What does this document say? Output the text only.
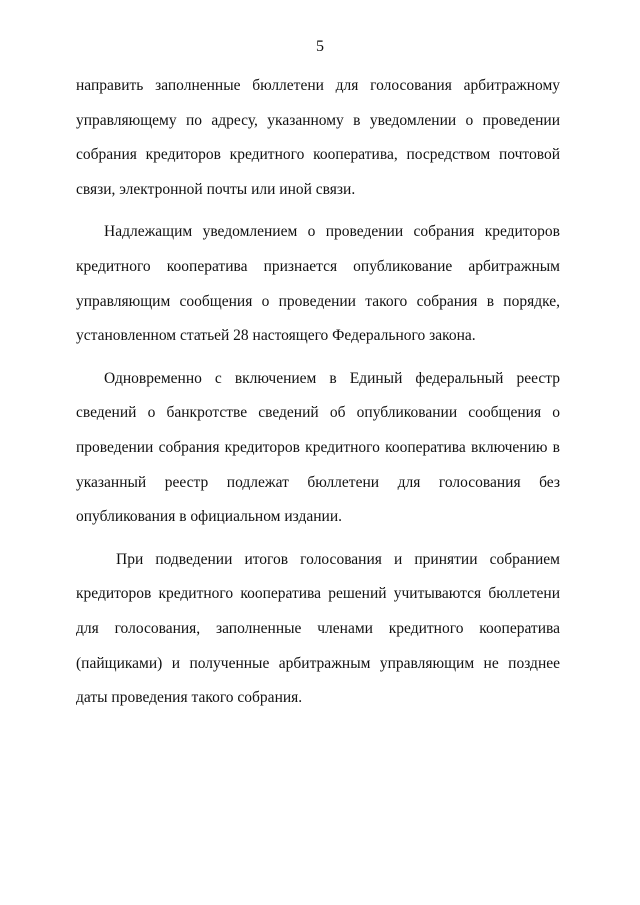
5

направить заполненные бюллетени для голосования арбитражному управляющему по адресу, указанному в уведомлении о проведении собрания кредиторов кредитного кооператива, посредством почтовой связи, электронной почты или иной связи.

Надлежащим уведомлением о проведении собрания кредиторов кредитного кооператива признается опубликование арбитражным управляющим сообщения о проведении такого собрания в порядке, установленном статьей 28 настоящего Федерального закона.

Одновременно с включением в Единый федеральный реестр сведений о банкротстве сведений об опубликовании сообщения о проведении собрания кредиторов кредитного кооператива включению в указанный реестр подлежат бюллетени для голосования без опубликования в официальном издании.

При подведении итогов голосования и принятии собранием кредиторов кредитного кооператива решений учитываются бюллетени для голосования, заполненные членами кредитного кооператива (пайщиками) и полученные арбитражным управляющим не позднее даты проведения такого собрания.
